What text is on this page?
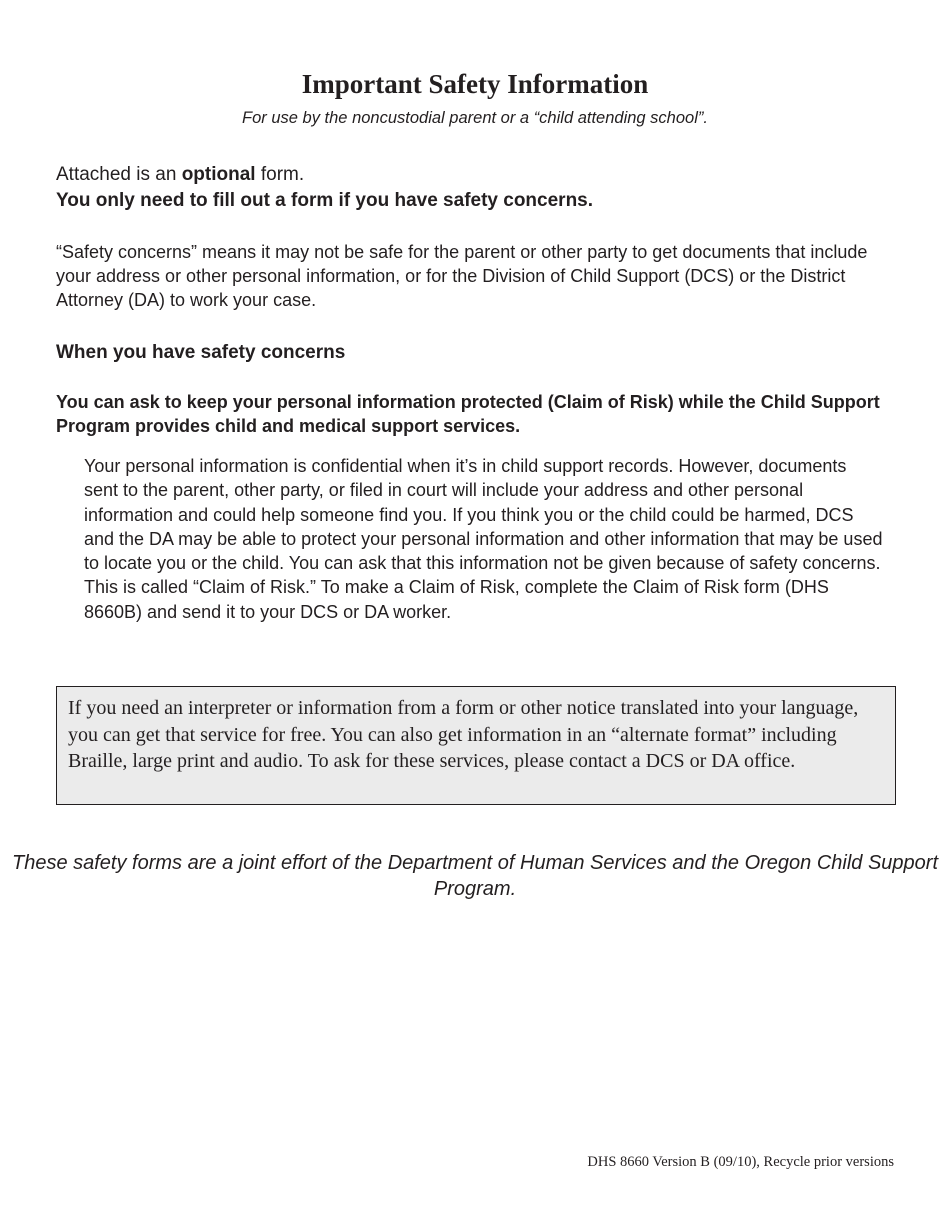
Important Safety Information
For use by the noncustodial parent or a “child attending school”.
Attached is an optional form.
You only need to fill out a form if you have safety concerns.
“Safety concerns” means it may not be safe for the parent or other party to get documents that include your address or other personal information, or for the Division of Child Support (DCS) or the District Attorney (DA) to work your case.
When you have safety concerns
You can ask to keep your personal information protected (Claim of Risk) while the Child Support Program provides child and medical support services.
Your personal information is confidential when it’s in child support records. However, documents sent to the parent, other party, or filed in court will include your address and other personal information and could help someone find you. If you think you or the child could be harmed, DCS and the DA may be able to protect your personal information and other information that may be used to locate you or the child. You can ask that this information not be given because of safety concerns. This is called “Claim of Risk.” To make a Claim of Risk, complete the Claim of Risk form (DHS 8660B) and send it to your DCS or DA worker.
If you need an interpreter or information from a form or other notice translated into your language, you can get that service for free. You can also get information in an “alternate format” including Braille, large print and audio. To ask for these services, please contact a DCS or DA office.
These safety forms are a joint effort of the Department of Human Services and the Oregon Child Support Program.
DHS 8660 Version B (09/10), Recycle prior versions
